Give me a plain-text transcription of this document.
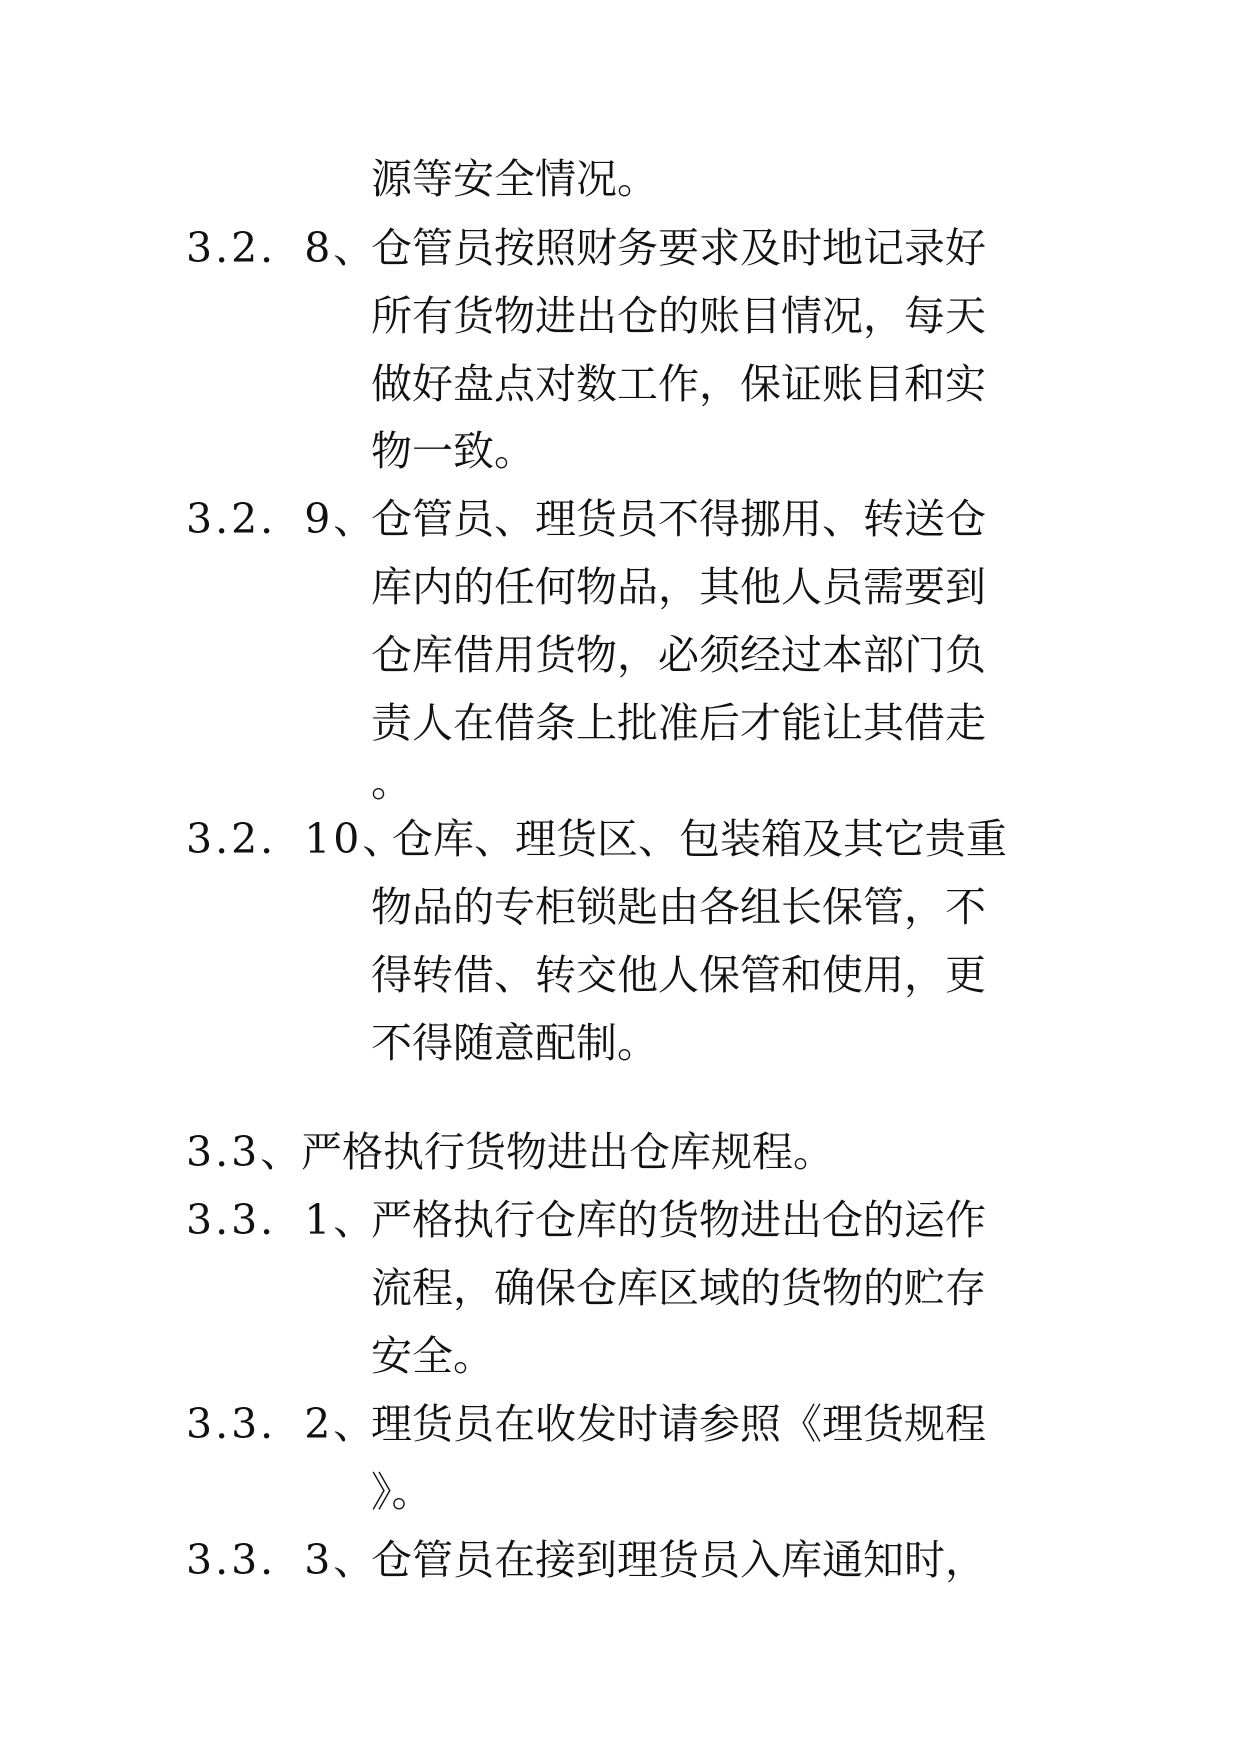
源等安全情况。
3.2．8、
仓管员按照财务要求及时地记录好
所有货物进出仓的账目情况，每天
做好盘点对数工作，保证账目和实
物一致。
3.2．9、
仓管员、理货员不得挪用、转送仓
库内的任何物品，其他人员需要到
仓库借用货物，必须经过本部门负
责人在借条上批准后才能让其借走
。
3.2．10、
仓库、理货区、包装箱及其它贵重
物品的专柜锁匙由各组长保管，不
得转借、转交他人保管和使用，更
不得随意配制。
3.3、
严格执行货物进出仓库规程。
3.3．1、
严格执行仓库的货物进出仓的运作
流程，确保仓库区域的货物的贮存
安全。
3.3．2、
理货员在收发时请参照《理货规程
》。
3.3．3、
仓管员在接到理货员入库通知时，
